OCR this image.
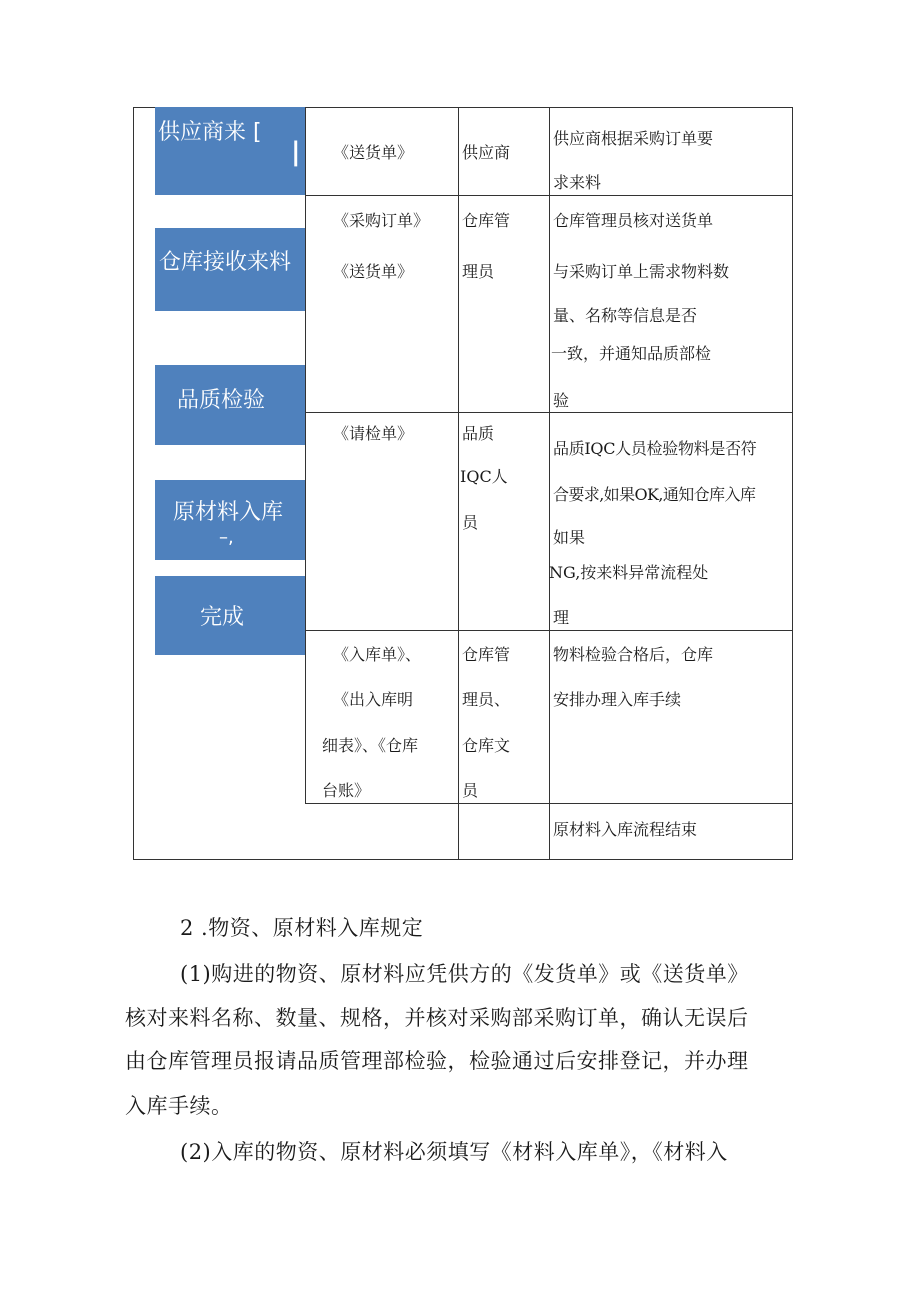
供应商来 [
|
仓库接收来料
品质检验
原材料入库
–,
完成
《送货单》	供应商
供应商根据采购订单要
求来料
《采购订单》
《送货单》
仓库管
理员
仓库管理员核对送货单
与采购订单上需求物料数
量、名称等信息是否
一致，并通知品质部检
验
《请检单》	品质
IQC人
员
品质IQC人员检验物料是否符
合要求,如果OK,通知仓库入库
如果
NG,按来料异常流程处
理
《入库单》、
《出入库明
细表》、《仓库
台账》
仓库管
理员、
仓库文
员
物料检验合格后，仓库
安排办理入库手续
原材料入库流程结束
2 .物资、原材料入库规定
(1)购进的物资、原材料应凭供方的《发货单》或《送货单》
核对来料名称、数量、规格，并核对采购部采购订单，确认无误后
由仓库管理员报请品质管理部检验，检验通过后安排登记，并办理
入库手续。
(2)入库的物资、原材料必须填写《材料入库单》，《材料入
